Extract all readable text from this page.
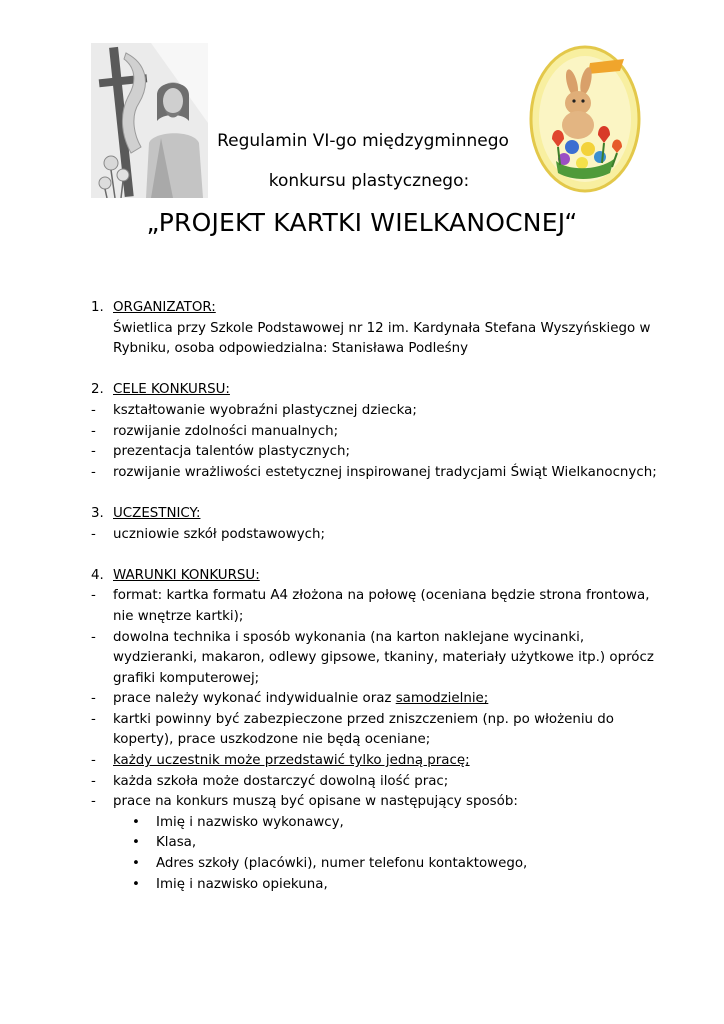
Regulamin VI-go międzygminnego
konkursu plastycznego:
„PROJEKT KARTKI WIELKANOCNEJ“
1. ORGANIZATOR:
Świetlica przy Szkole Podstawowej nr 12 im. Kardynała Stefana Wyszyńskiego w Rybniku, osoba odpowiedzialna: Stanisława Podleśny
2. CELE KONKURSU:
-	kształtowanie wyobraźni plastycznej dziecka;
-	rozwijanie zdolności manualnych;
-	prezentacja talentów plastycznych;
-	rozwijanie wrażliwości estetycznej inspirowanej tradycjami Świąt Wielkanocnych;
3. UCZESTNICY:
-	uczniowie szkół podstawowych;
4. WARUNKI KONKURSU:
-	format: kartka formatu A4 złożona na połowę (oceniana będzie strona frontowa, nie wnętrze kartki);
-	dowolna technika i sposób wykonania (na karton naklejane wycinanki, wydzieranki, makaron, odlewy gipsowe, tkaniny, materiały użytkowe itp.) oprócz grafiki komputerowej;
-	prace należy wykonać indywidualnie oraz samodzielnie;
-	kartki powinny być zabezpieczone przed zniszczeniem (np. po włożeniu do koperty), prace uszkodzone nie będą oceniane;
-	każdy uczestnik może przedstawić tylko jedną pracę;
-	każda szkoła może dostarczyć dowolną ilość prac;
-	prace na konkurs muszą być opisane w następujący sposób:
•	Imię i nazwisko wykonawcy,
•	Klasa,
•	Adres szkoły (placówki), numer telefonu kontaktowego,
•	Imię i nazwisko opiekuna,
